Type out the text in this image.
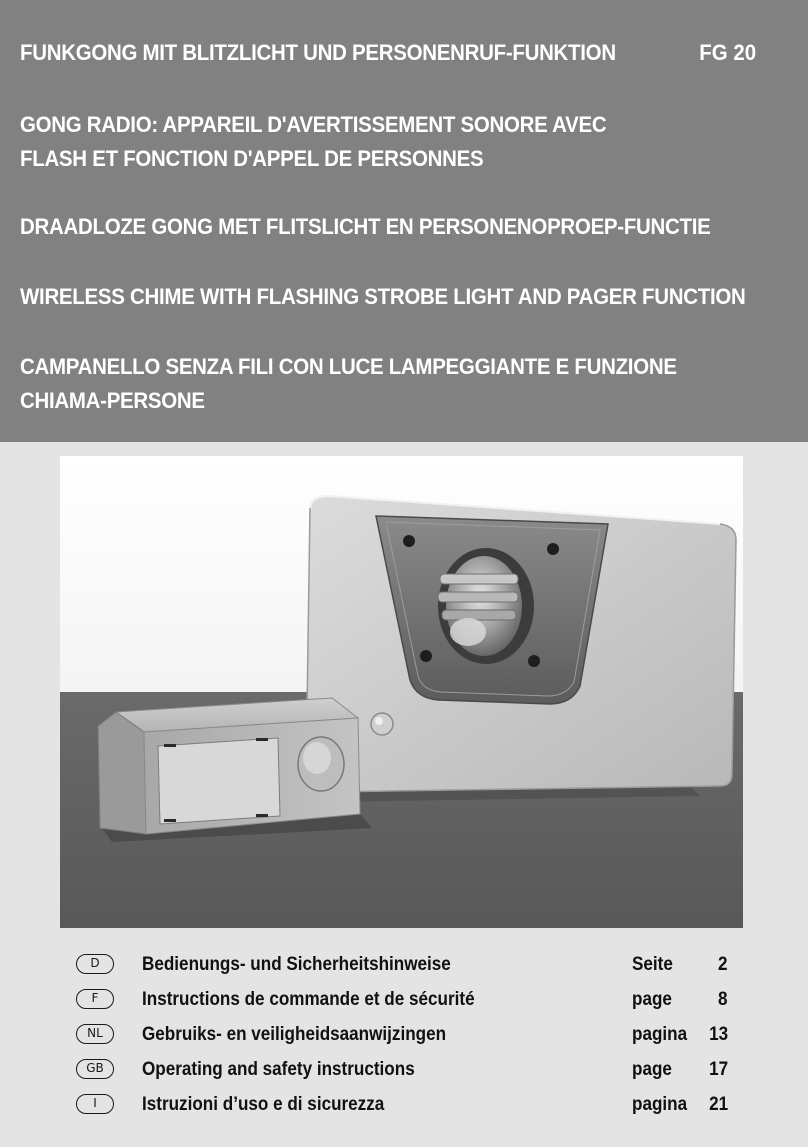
FUNKGONG MIT BLITZLICHT UND PERSONENRUF-FUNKTION	FG 20
GONG RADIO: APPAREIL D'AVERTISSEMENT SONORE AVEC
FLASH ET FONCTION D'APPEL DE PERSONNES
DRAADLOZE GONG MET FLITSLICHT EN PERSONENOPROEP-FUNCTIE
WIRELESS CHIME WITH FLASHING STROBE LIGHT AND PAGER FUNCTION
CAMPANELLO SENZA FILI CON LUCE LAMPEGGIANTE E FUNZIONE
CHIAMA-PERSONE
D	Bedienungs- und Sicherheitshinweise	Seite 2
F	Instructions de commande et de sécurité	page 8
NL	Gebruiks- en veiligheidsaanwijzingen	pagina 13
GB	Operating and safety instructions	page 17
I	Istruzioni d’uso e di sicurezza	pagina 21
